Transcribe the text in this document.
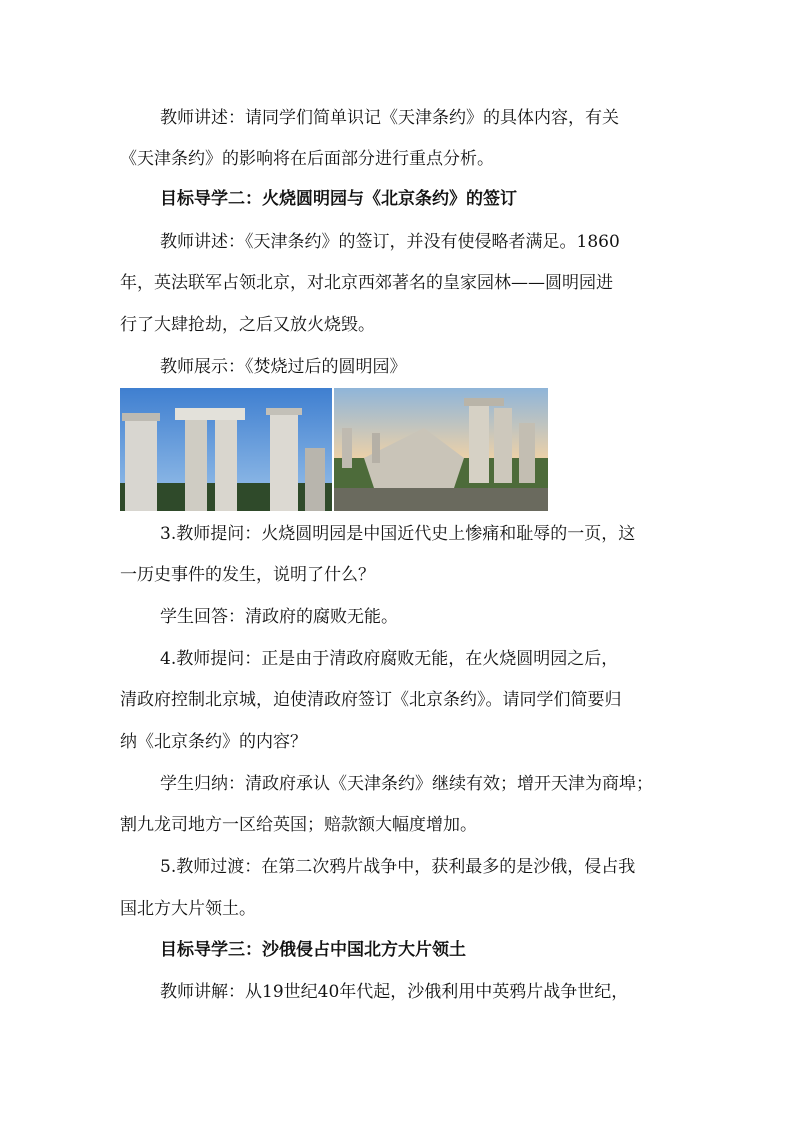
教师讲述：请同学们简单识记《天津条约》的具体内容，有关
《天津条约》的影响将在后面部分进行重点分析。
目标导学二：火烧圆明园与《北京条约》的签订
教师讲述：《天津条约》的签订，并没有使侵略者满足。1860
年，英法联军占领北京，对北京西郊著名的皇家园林——圆明园进
行了大肆抢劫，之后又放火烧毁。
教师展示：《焚烧过后的圆明园》
3.教师提问：火烧圆明园是中国近代史上惨痛和耻辱的一页，这
一历史事件的发生，说明了什么？
学生回答：清政府的腐败无能。
4.教师提问：正是由于清政府腐败无能，在火烧圆明园之后，
清政府控制北京城，迫使清政府签订《北京条约》。请同学们简要归
纳《北京条约》的内容？
学生归纳：清政府承认《天津条约》继续有效；增开天津为商埠；
割九龙司地方一区给英国；赔款额大幅度增加。
5.教师过渡：在第二次鸦片战争中，获利最多的是沙俄，侵占我
国北方大片领土。
目标导学三：沙俄侵占中国北方大片领土
教师讲解：从19世纪40年代起，沙俄利用中英鸦片战争世纪，
